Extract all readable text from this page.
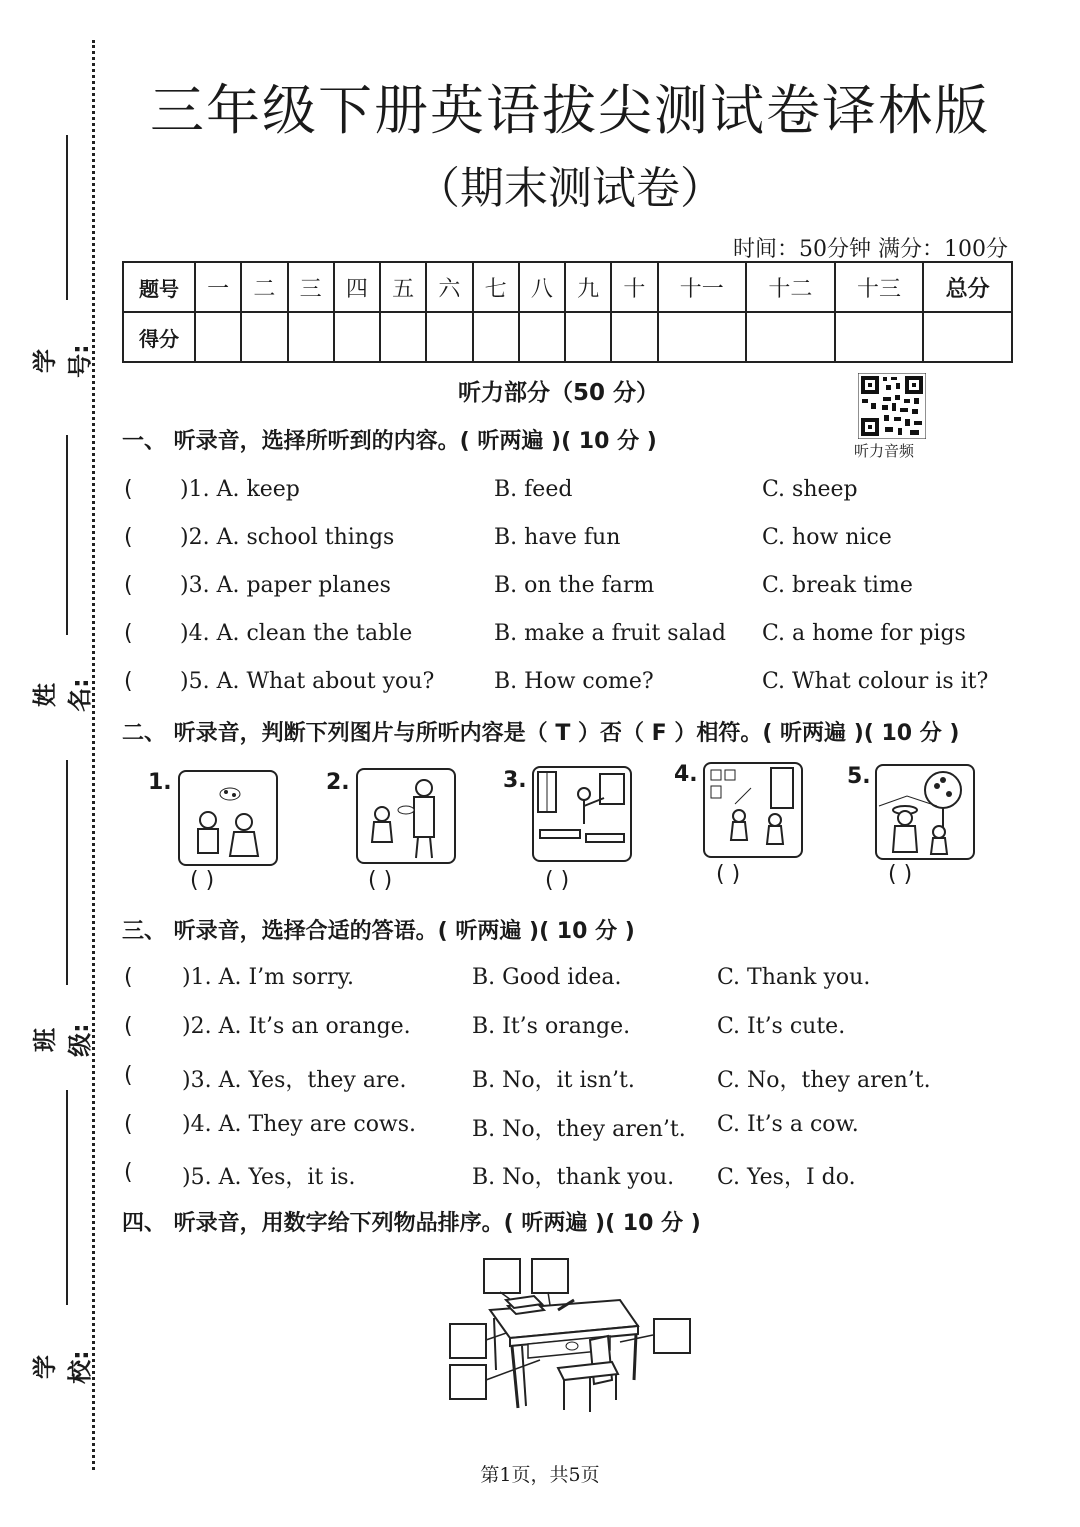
学号:
姓名:
班级:
学校:
三年级下册英语拔尖测试卷译林版
（期末测试卷）
时间：50分钟 满分：100分
题号	一	二	三	四	五	六	七	八	九	十	十一	十二	十三	总分
得分														
听力部分（50 分）
听力音频
一、 听录音，选择所听到的内容。( 听两遍 )( 10 分 )
( )1. A. keep	B. feed	C. sheep
( )2. A. school things	B. have fun	C. how nice
( )3. A. paper planes	B. on the farm	C. break time
( )4. A. clean the table	B. make a fruit salad C. a home for pigs
( )5. A. What about you?	B. How come?	C. What colour is it?
二、 听录音，判断下列图片与所听内容是（ T ）否（ F ）相符。( 听两遍 )( 10 分 )
1.
( )
2.
( )
3.
( )
4.
( )
5.
( )
三、 听录音，选择合适的答语。( 听两遍 )( 10 分 )
( )1. A. I’m sorry.	B. Good idea.	C. Thank you.
( )2. A. It’s an orange.	B. It’s orange.	C. It’s cute.
( )3. A. Yes，they are.	B. No，it isn’t.	C. No，they aren’t.
( )4. A. They are cows.	B. No，they aren’t. C. It’s a cow.
( )5. A. Yes，it is.	B. No，thank you. C. Yes，I do.
四、 听录音，用数字给下列物品排序。( 听两遍 )( 10 分 )
第1页，共5页
